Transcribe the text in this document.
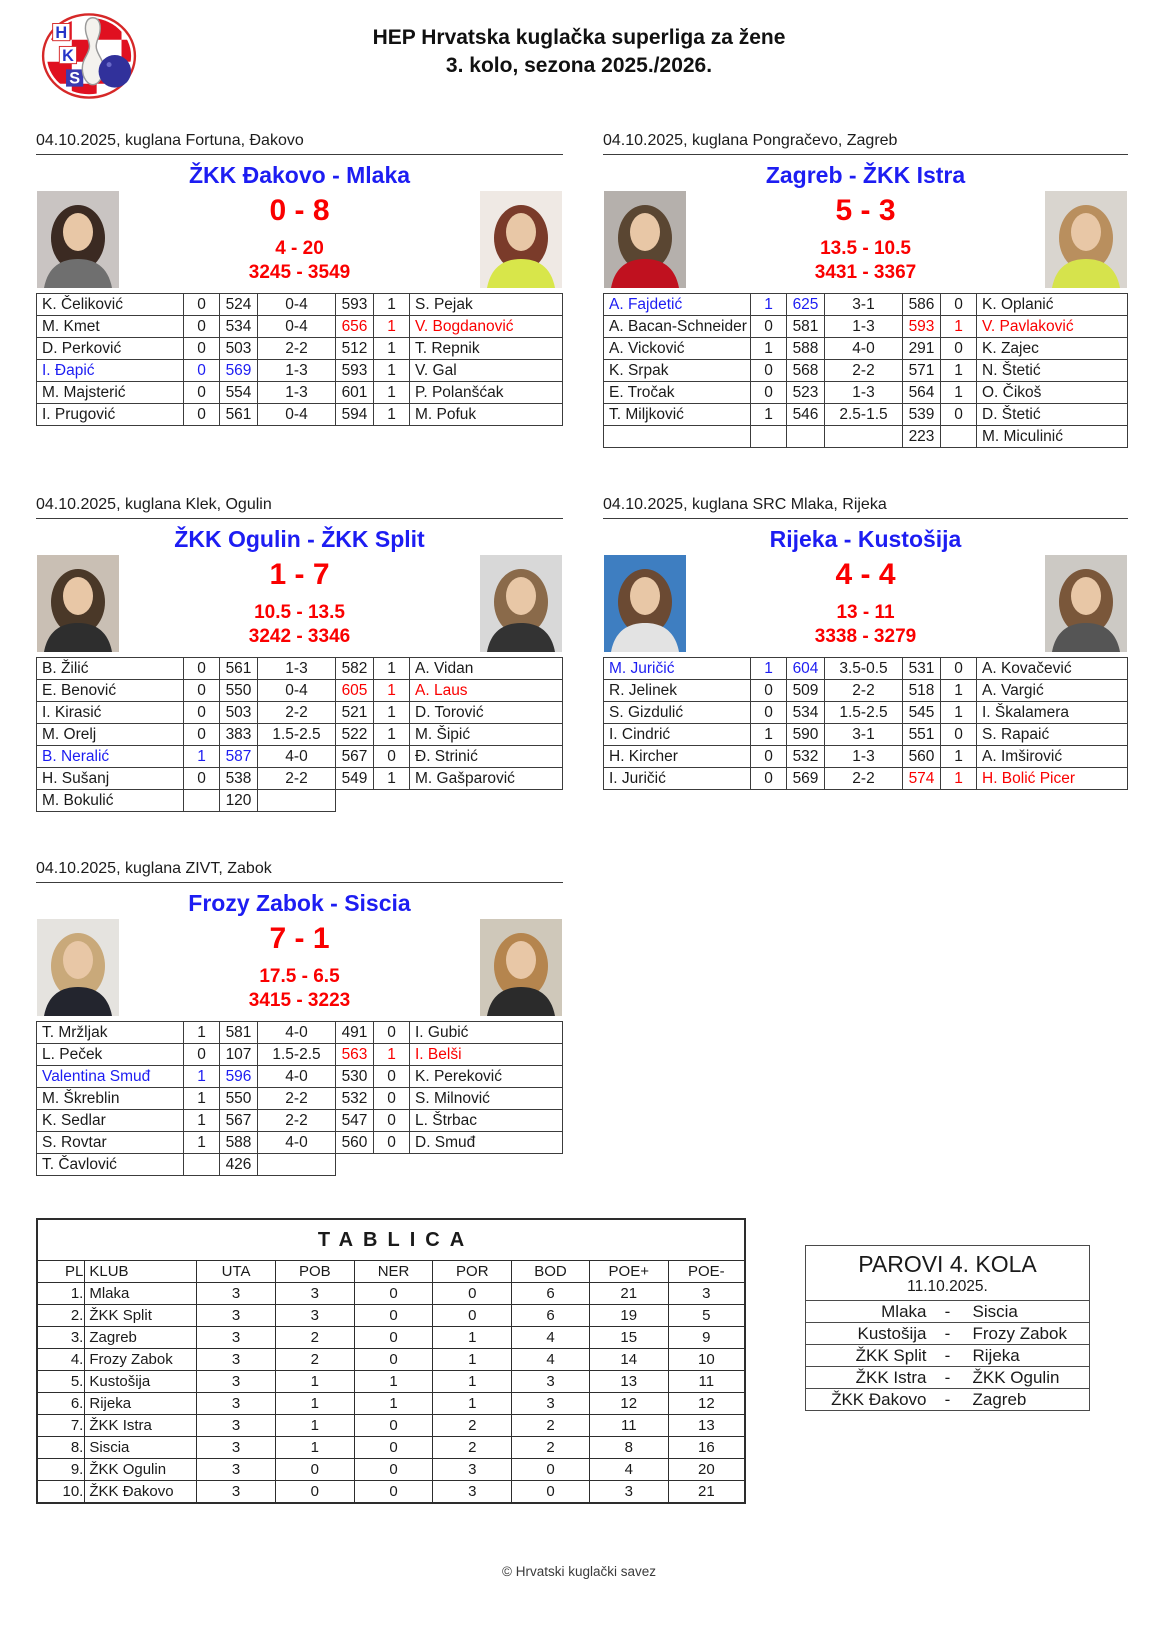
H
K
S
HEP Hrvatska kuglačka superliga za žene
3. kolo, sezona 2025./2026.
04.10.2025, kuglana Fortuna, Đakovo
ŽKK Đakovo - Mlaka
0 - 8
4 - 20
3245 - 3549
K. Čeliković	0	524	0-4	593	1	S. Pejak
M. Kmet	0	534	0-4	656	1	V. Bogdanović
D. Perković	0	503	2-2	512	1	T. Repnik
I. Đapić	0	569	1-3	593	1	V. Gal
M. Majsterić	0	554	1-3	601	1	P. Polanšćak
I. Prugović	0	561	0-4	594	1	M. Pofuk
04.10.2025, kuglana Pongračevo, Zagreb
Zagreb - ŽKK Istra
5 - 3
13.5 - 10.5
3431 - 3367
A. Fajdetić	1	625	3-1	586	0	K. Oplanić
A. Bacan-Schneider	0	581	1-3	593	1	V. Pavlaković
A. Vicković	1	588	4-0	291	0	K. Zajec
K. Srpak	0	568	2-2	571	1	N. Štetić
E. Tročak	0	523	1-3	564	1	O. Čikoš
T. Miljković	1	546	2.5-1.5	539	0	D. Štetić
				223		M. Miculinić
04.10.2025, kuglana Klek, Ogulin
ŽKK Ogulin - ŽKK Split
1 - 7
10.5 - 13.5
3242 - 3346
B. Žilić	0	561	1-3	582	1	A. Vidan
E. Benović	0	550	0-4	605	1	A. Laus
I. Kirasić	0	503	2-2	521	1	D. Torović
M. Orelj	0	383	1.5-2.5	522	1	M. Šipić
B. Neralić	1	587	4-0	567	0	Đ. Strinić
H. Sušanj	0	538	2-2	549	1	M. Gašparović
M. Bokulić		120				
04.10.2025, kuglana SRC Mlaka, Rijeka
Rijeka - Kustošija
4 - 4
13 - 11
3338 - 3279
M. Juričić	1	604	3.5-0.5	531	0	A. Kovačević
R. Jelinek	0	509	2-2	518	1	A. Vargić
S. Gizdulić	0	534	1.5-2.5	545	1	I. Škalamera
I. Cindrić	1	590	3-1	551	0	S. Rapaić
H. Kircher	0	532	1-3	560	1	A. Imširović
I. Juričić	0	569	2-2	574	1	H. Bolić Picer
04.10.2025, kuglana ZIVT, Zabok
Frozy Zabok - Siscia
7 - 1
17.5 - 6.5
3415 - 3223
T. Mržljak	1	581	4-0	491	0	I. Gubić
L. Peček	0	107	1.5-2.5	563	1	I. Belši
Valentina Smuđ	1	596	4-0	530	0	K. Pereković
M. Škreblin	1	550	2-2	532	0	S. Milnović
K. Sedlar	1	567	2-2	547	0	L. Štrbac
S. Rovtar	1	588	4-0	560	0	D. Smuđ
T. Čavlović		426				
TABLICA								
PL	KLUB	UTA	POB	NER	POR	BOD	POE+	POE-
1.	Mlaka	3	3	0	0	6	21	3
2.	ŽKK Split	3	3	0	0	6	19	5
3.	Zagreb	3	2	0	1	4	15	9
4.	Frozy Zabok	3	2	0	1	4	14	10
5.	Kustošija	3	1	1	1	3	13	11
6.	Rijeka	3	1	1	1	3	12	12
7.	ŽKK Istra	3	1	0	2	2	11	13
8.	Siscia	3	1	0	2	2	8	16
9.	ŽKK Ogulin	3	0	0	3	0	4	20
10.	ŽKK Đakovo	3	0	0	3	0	3	21
PAROVI 4. KOLA
11.10.2025.
Mlaka	-	Siscia
Kustošija	-	Frozy Zabok
ŽKK Split	-	Rijeka
ŽKK Istra	-	ŽKK Ogulin
ŽKK Đakovo	-	Zagreb
© Hrvatski kuglački savez
